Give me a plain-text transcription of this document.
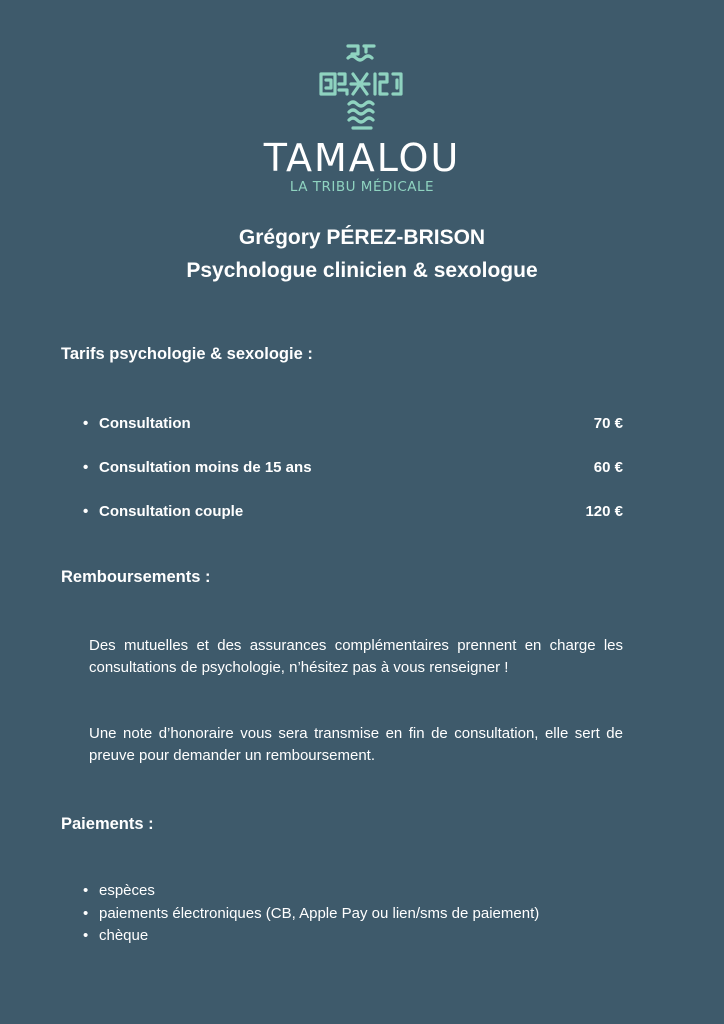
TAMALOU
LA TRIBU MÉDICALE
Grégory PÉREZ-BRISON
Psychologue clinicien & sexologue
Tarifs psychologie & sexologie :
• Consultation	70 €
• Consultation moins de 15 ans	60 €
• Consultation couple	120 €
Remboursements :

Des mutuelles et des assurances complémentaires prennent en charge les consultations de psychologie, n’hésitez pas à vous renseigner !

Une note d’honoraire vous sera transmise en fin de consultation, elle sert de preuve pour demander un remboursement.

Paiements :
• espèces
• paiements électroniques (CB, Apple Pay ou lien/sms de paiement)
• chèque
